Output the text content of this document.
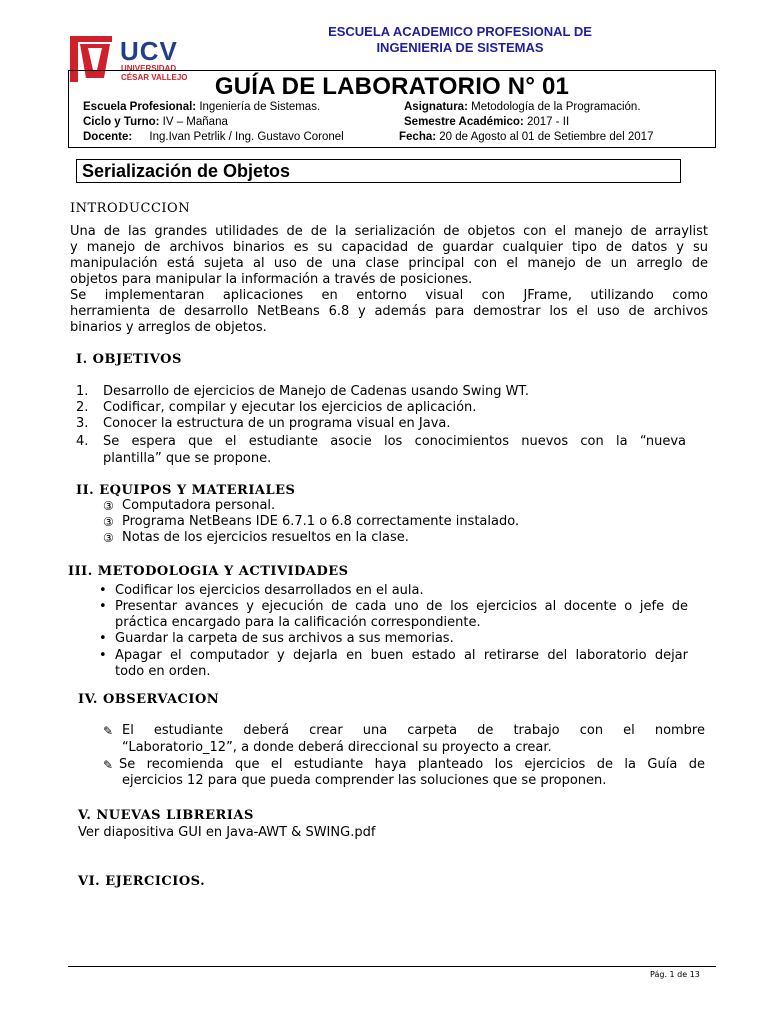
ESCUELA ACADEMICO PROFESIONAL DE
INGENIERIA DE SISTEMAS
UCV
UNIVERSIDAD
CÉSAR VALLEJO	GUÍA DE LABORATORIO N° 01
Escuela Profesional: Ingeniería de Sistemas.	Asignatura: Metodología de la Programación.
Ciclo y Turno: IV – Mañana	Semestre Académico: 2017 - II
Docente: Ing.Ivan Petrlik / Ing. Gustavo Coronel	Fecha: 20 de Agosto al 01 de Setiembre del 2017
Serialización de Objetos
INTRODUCCION
Una de las grandes utilidades de de la serialización de objetos con el manejo de arraylist
y manejo de archivos binarios es su capacidad de guardar cualquier tipo de datos y su
manipulación está sujeta al uso de una clase principal con el manejo de un arreglo de
objetos para manipular la información a través de posiciones.
Se implementaran aplicaciones en entorno visual con JFrame, utilizando como
herramienta de desarrollo NetBeans 6.8 y además para demostrar los el uso de archivos
binarios y arreglos de objetos.
I. OBJETIVOS
1. Desarrollo de ejercicios de Manejo de Cadenas usando Swing WT.
2. Codificar, compilar y ejecutar los ejercicios de aplicación.
3. Conocer la estructura de un programa visual en Java.
4. Se espera que el estudiante asocie los conocimientos nuevos con la “nueva
plantilla” que se propone.
II. EQUIPOS Y MATERIALES
③ Computadora personal.
③ Programa NetBeans IDE 6.7.1 o 6.8 correctamente instalado.
③ Notas de los ejercicios resueltos en la clase.
III. METODOLOGIA Y ACTIVIDADES
• Codificar los ejercicios desarrollados en el aula.
• Presentar avances y ejecución de cada uno de los ejercicios al docente o jefe de
práctica encargado para la calificación correspondiente.
• Guardar la carpeta de sus archivos a sus memorias.
• Apagar el computador y dejarla en buen estado al retirarse del laboratorio dejar
todo en orden.
IV. OBSERVACION
✎ El estudiante deberá crear una carpeta de trabajo con el nombre
“Laboratorio_12”, a donde deberá direccional su proyecto a crear.
✎ Se recomienda que el estudiante haya planteado los ejercicios de la Guía de
ejercicios 12 para que pueda comprender las soluciones que se proponen.
V. NUEVAS LIBRERIAS
Ver diapositiva GUI en Java-AWT & SWING.pdf
VI. EJERCICIOS.
Pág. 1 de 13
